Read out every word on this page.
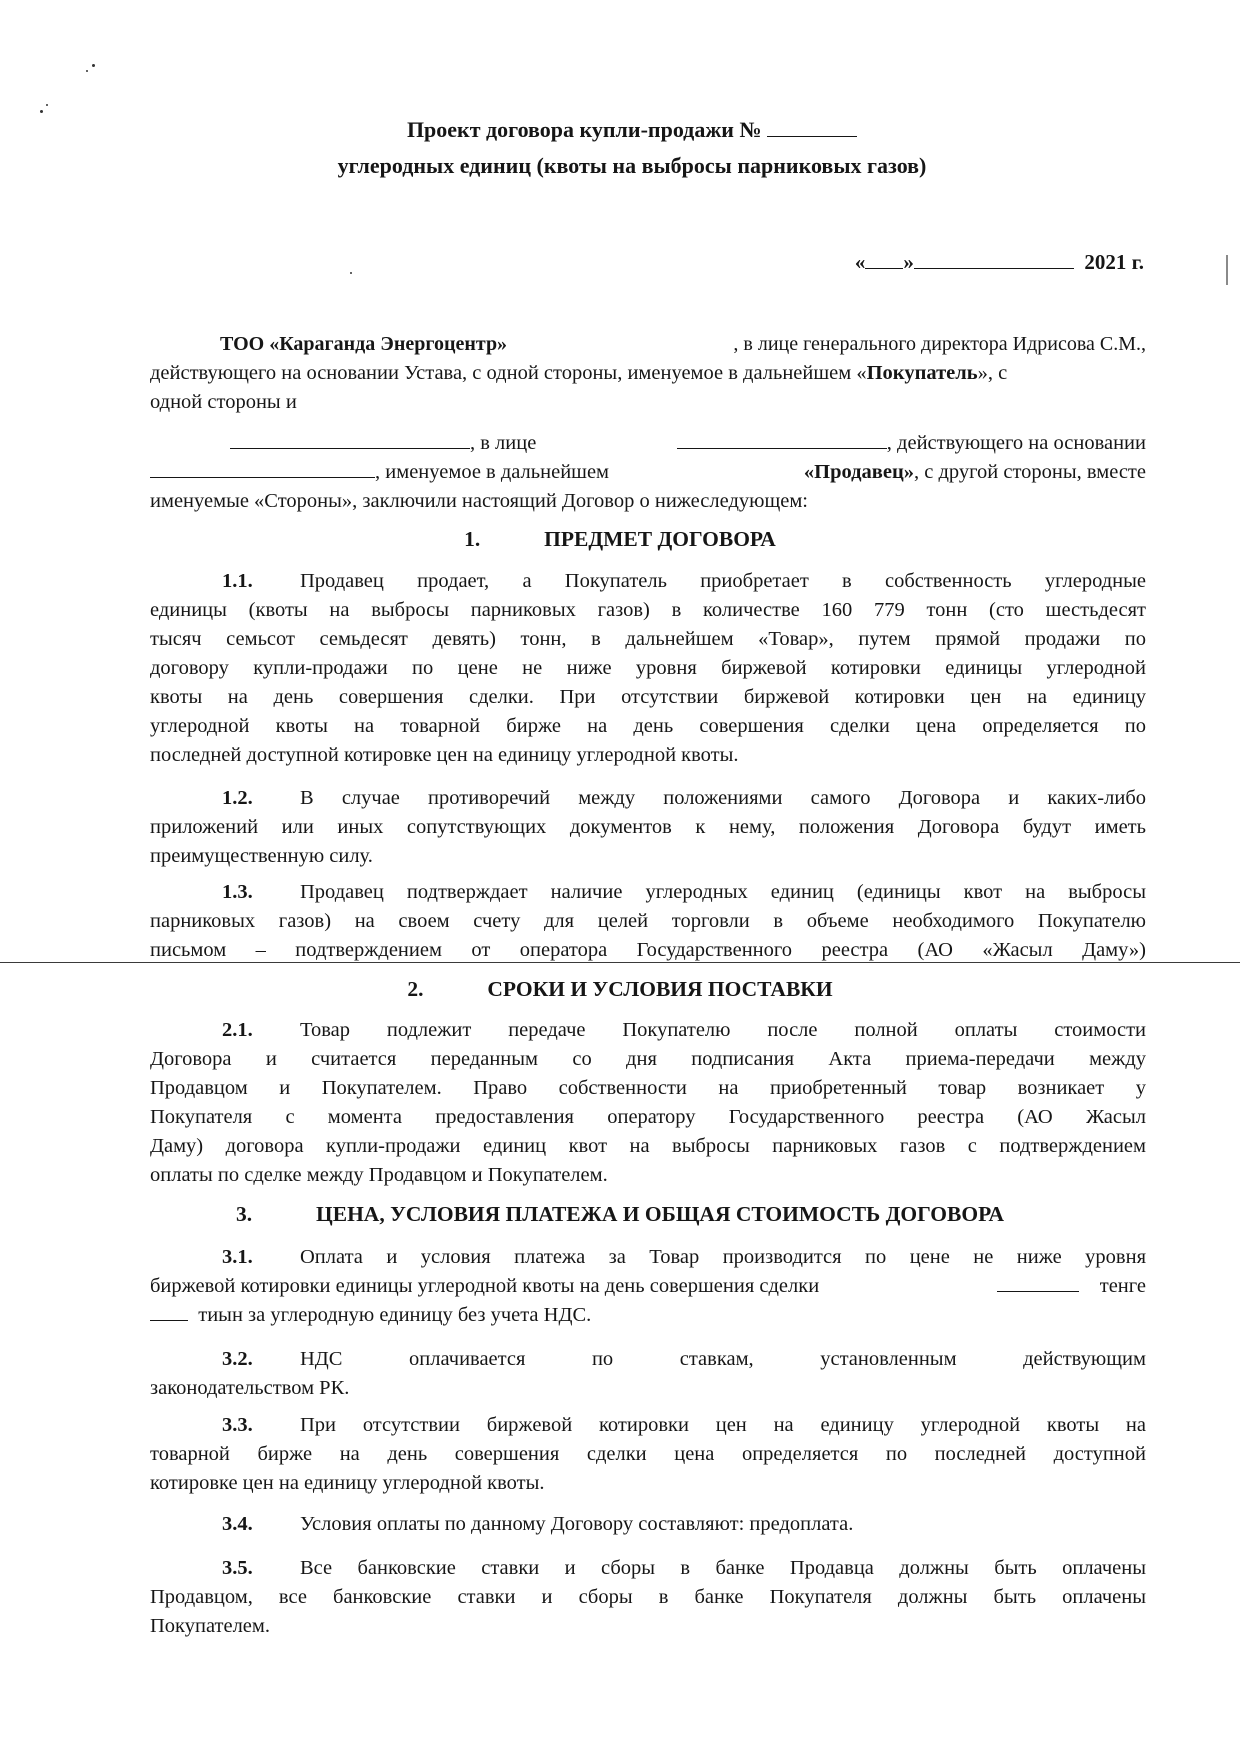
Проект договора купли-продажи №
углеродных единиц (квоты на выбросы парниковых газов)
« »	2021 г.
ТОО «Караганда Энергоцентр»	, в лице генерального директора Идрисова С.М.,
действующего на основании Устава, с одной стороны, именуемое в дальнейшем «Покупатель», с
одной стороны и
, в лице	, действующего на основании
, именуемое в дальнейшем	«Продавец», с другой стороны, вместе
именуемые «Стороны», заключили настоящий Договор о нижеследующем:
1.	ПРЕДМЕТ ДОГОВОРА
1.1. Продавец продает, а Покупатель приобретает в собственность углеродные
единицы (квоты на выбросы парниковых газов) в количестве 160 779 тонн (сто шестьдесят
тысяч семьсот семьдесят девять) тонн, в дальнейшем «Товар», путем прямой продажи по
договору купли-продажи по цене не ниже уровня биржевой котировки единицы углеродной
квоты на день совершения сделки. При отсутствии биржевой котировки цен на единицу
углеродной квоты на товарной бирже на день совершения сделки цена определяется по
последней доступной котировке цен на единицу углеродной квоты.
1.2. В случае противоречий между положениями самого Договора и каких-либо
приложений или иных сопутствующих документов к нему, положения Договора будут иметь
преимущественную силу.
1.3. Продавец подтверждает наличие углеродных единиц (единицы квот на выбросы
парниковых газов) на своем счету для целей торговли в объеме необходимого Покупателю
письмом – подтверждением от оператора Государственного реестра (АО «Жасыл Даму»)
2.	СРОКИ И УСЛОВИЯ ПОСТАВКИ
2.1. Товар подлежит передаче Покупателю после полной оплаты стоимости
Договора и считается переданным со дня подписания Акта приема-передачи между
Продавцом и Покупателем. Право собственности на приобретенный товар возникает у
Покупателя с момента предоставления оператору Государственного реестра (АО Жасыл
Даму) договора купли-продажи единиц квот на выбросы парниковых газов с подтверждением
оплаты по сделке между Продавцом и Покупателем.
3.	ЦЕНА, УСЛОВИЯ ПЛАТЕЖА И ОБЩАЯ СТОИМОСТЬ ДОГОВОРА
3.1. Оплата и условия платежа за Товар производится по цене не ниже уровня
биржевой котировки единицы углеродной квоты на день совершения сделки	тенге
тиын за углеродную единицу без учета НДС.
3.2. НДС	оплачивается	по	ставкам,	установленным	действующим
законодательством РК.
3.3. При отсутствии биржевой котировки цен на единицу углеродной квоты на
товарной бирже на день совершения сделки цена определяется по последней доступной
котировке цен на единицу углеродной квоты.
3.4. Условия оплаты по данному Договору составляют: предоплата.
3.5. Все банковские ставки и сборы в банке Продавца должны быть оплачены
Продавцом, все банковские ставки и сборы в банке Покупателя должны быть оплачены
Покупателем.
